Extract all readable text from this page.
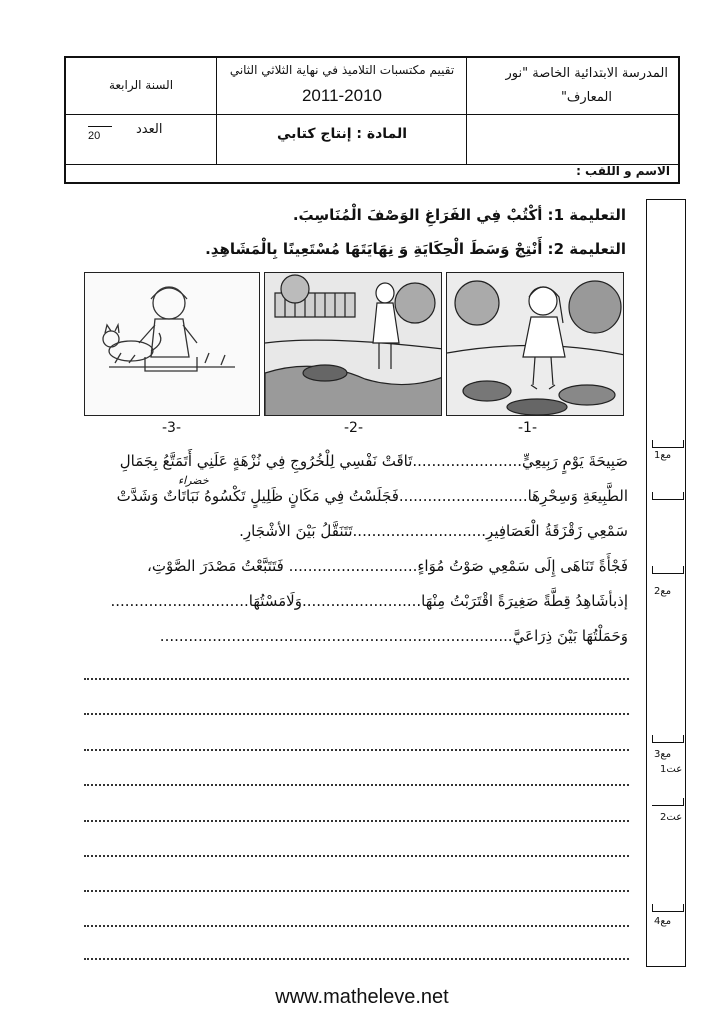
المدرسة الابتدائية الخاصة "نور
المعارف"
تقييم مكتسبات التلاميذ في نهاية الثلاثي الثاني
2011-2010
السنة الرابعة
المادة : إنتاج كتابي
العدد
20
الاسم و اللقب :
التعليمة 1: أكْتُبْ فِي الفَرَاغِ الوَصْفَ الْمُنَاسِبَ.
التعليمة 2: أَنْتِجْ وَسَطَ الْحِكَايَةِ وَ نِهَايَتَهَا مُسْتَعِينًا بِالْمَشَاهِدِ.
-1-
-2-
-3-
صَبِيحَةَ يَوْمٍ رَبِيعِيٍّ.......................تَاقَتْ نَفْسِي لِلْخُرُوجِ فِي نُزْهَةٍ عَلَنِي أَتَمَتَّعُ بِجَمَالِ
خضراء
الطَّبِيعَةِ وَسِحْرِهَا...........................فَجَلَسْتُ فِي مَكَانٍ ظَلِيلٍ تَكْسُوهُ نَبَاتَاتٌ وَشَدَّتْ
سَمْعِي زَقْزَقَةُ الْعَصَافِيرِ............................تَتَنَقَّلُ بَيْنَ الأشْجَارِ.
فَجْأَةً تَنَاهَى إِلَى سَمْعِي صَوْتُ مُوَاءٍ........................... فَتَتَبَّعْتُ مَصْدَرَ الصَّوْتِ،
إذبأشَاهِدُ قِطَّةً صَغِيرَةً اقْتَرَبْتُ مِنْهَا.........................وَلَامَسْتُهَا.............................
وَحَمَلْتُهَا بَيْنَ ذِرَاعَيَّ..........................................................................
مع1
مع2
مع3
عت1
عت2
مع4
www.matheleve.net
